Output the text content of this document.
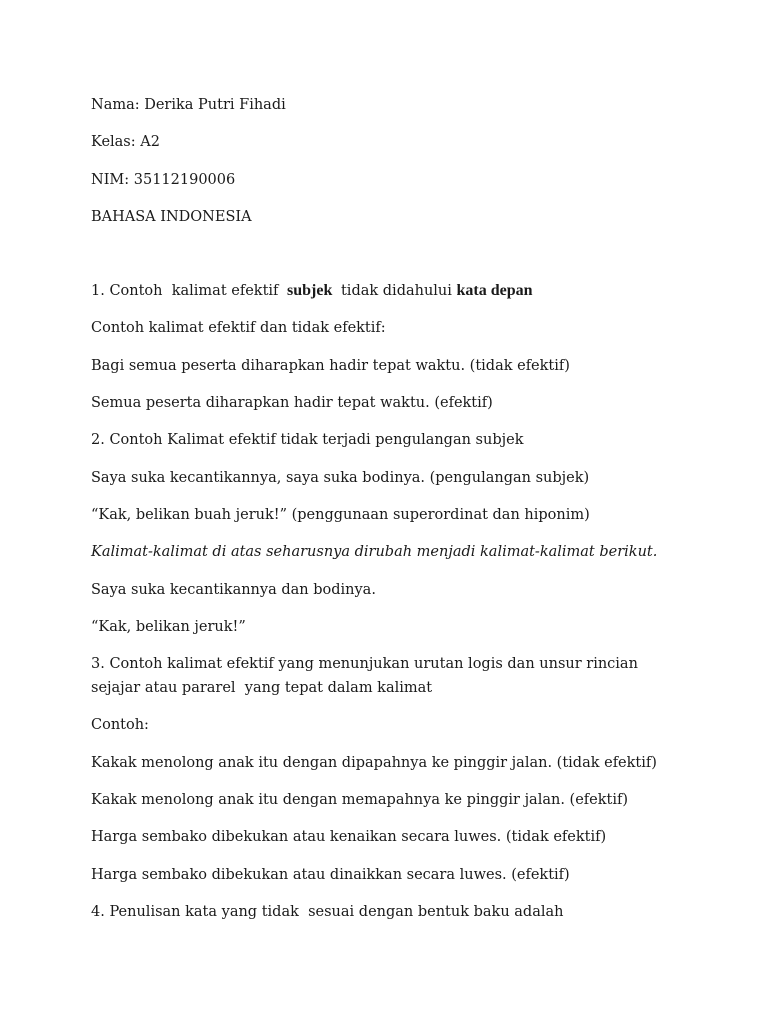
Nama: Derika Putri Fihadi

Kelas: A2

NIM: 35112190006

BAHASA INDONESIA

1. Contoh  kalimat efektif  subjek  tidak didahului kata depan

Contoh kalimat efektif dan tidak efektif:

Bagi semua peserta diharapkan hadir tepat waktu. (tidak efektif)

Semua peserta diharapkan hadir tepat waktu. (efektif)

2. Contoh Kalimat efektif tidak terjadi pengulangan subjek

Saya suka kecantikannya, saya suka bodinya. (pengulangan subjek)

“Kak, belikan buah jeruk!” (penggunaan superordinat dan hiponim)

Kalimat-kalimat di atas seharusnya dirubah menjadi kalimat-kalimat berikut.

Saya suka kecantikannya dan bodinya.

“Kak, belikan jeruk!”

3. Contoh kalimat efektif yang menunjukan urutan logis dan unsur rincian
sejajar atau pararel  yang tepat dalam kalimat

Contoh:

Kakak menolong anak itu dengan dipapahnya ke pinggir jalan. (tidak efektif)

Kakak menolong anak itu dengan memapahnya ke pinggir jalan. (efektif)

Harga sembako dibekukan atau kenaikan secara luwes. (tidak efektif)

Harga sembako dibekukan atau dinaikkan secara luwes. (efektif)

4. Penulisan kata yang tidak  sesuai dengan bentuk baku adalah
